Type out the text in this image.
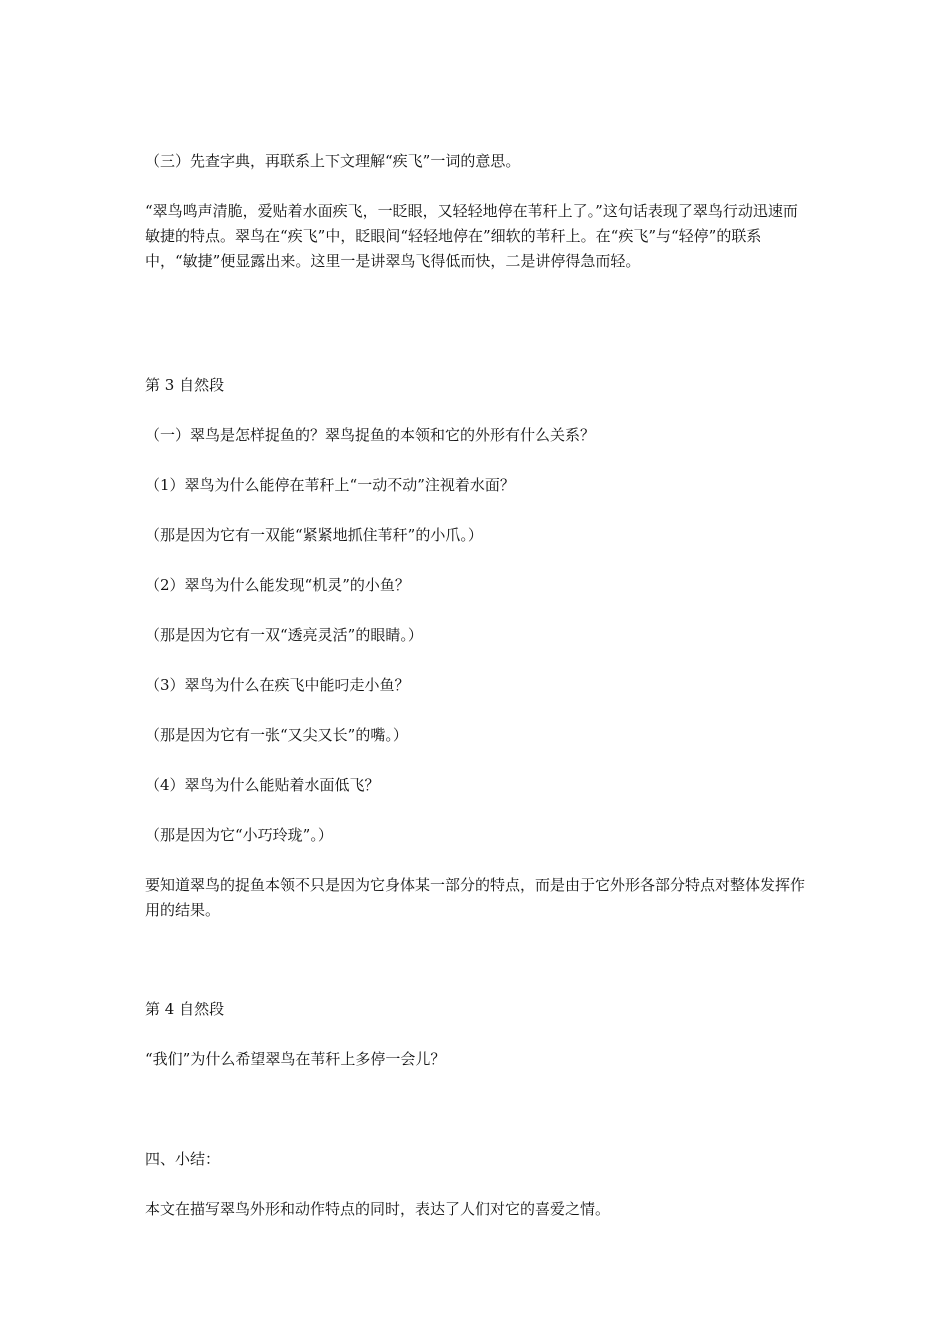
（三）先查字典，再联系上下文理解“疾飞”一词的意思。

“翠鸟鸣声清脆，爱贴着水面疾飞，一眨眼，又轻轻地停在苇秆上了。”这句话表现了翠鸟行动迅速而敏捷的特点。翠鸟在“疾飞”中，眨眼间“轻轻地停在”细软的苇秆上。在“疾飞”与“轻停”的联系中，“敏捷”便显露出来。这里一是讲翠鸟飞得低而快，二是讲停得急而轻。

第 3 自然段

（一）翠鸟是怎样捉鱼的？翠鸟捉鱼的本领和它的外形有什么关系？

（1）翠鸟为什么能停在苇秆上“一动不动”注视着水面？

（那是因为它有一双能“紧紧地抓住苇秆”的小爪。）

（2）翠鸟为什么能发现“机灵”的小鱼？

（那是因为它有一双“透亮灵活”的眼睛。）

（3）翠鸟为什么在疾飞中能叼走小鱼？

（那是因为它有一张“又尖又长”的嘴。）

（4）翠鸟为什么能贴着水面低飞？

（那是因为它“小巧玲珑”。）

要知道翠鸟的捉鱼本领不只是因为它身体某一部分的特点，而是由于它外形各部分特点对整体发挥作用的结果。

第 4 自然段

“我们”为什么希望翠鸟在苇秆上多停一会儿？

四、小结：

本文在描写翠鸟外形和动作特点的同时，表达了人们对它的喜爱之情。
